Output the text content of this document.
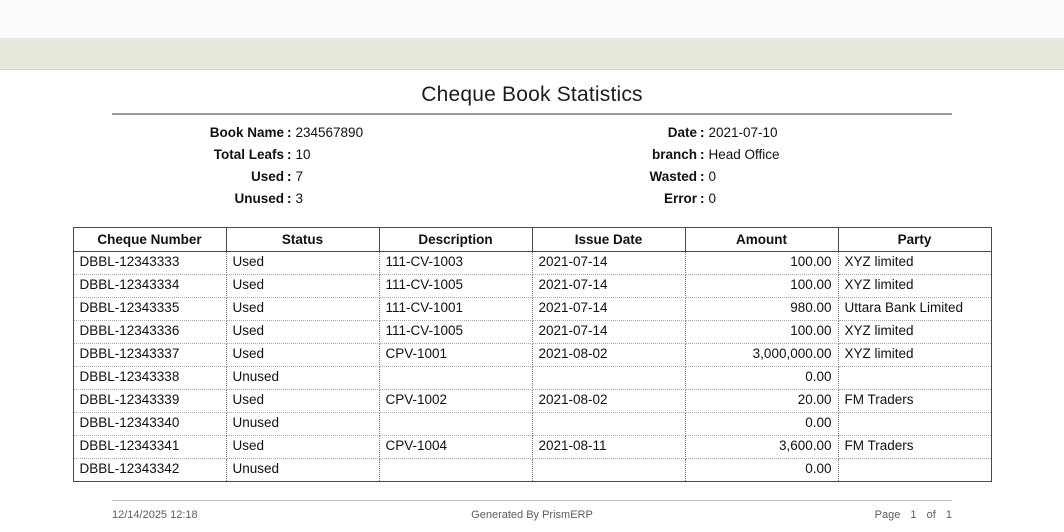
Cheque Book Statistics
Book Name : 234567890
Total Leafs : 10
Used : 7
Unused : 3
Date : 2021-07-10
branch : Head Office
Wasted : 0
Error : 0
Cheque Number	Status	Description	Issue Date	Amount	Party
DBBL-12343333	Used	111-CV-1003	2021-07-14	100.00	XYZ limited
DBBL-12343334	Used	111-CV-1005	2021-07-14	100.00	XYZ limited
DBBL-12343335	Used	111-CV-1001	2021-07-14	980.00	Uttara Bank Limited
DBBL-12343336	Used	111-CV-1005	2021-07-14	100.00	XYZ limited
DBBL-12343337	Used	CPV-1001	2021-08-02	3,000,000.00	XYZ limited
DBBL-12343338	Unused			0.00	
DBBL-12343339	Used	CPV-1002	2021-08-02	20.00	FM Traders
DBBL-12343340	Unused			0.00	
DBBL-12343341	Used	CPV-1004	2021-08-11	3,600.00	FM Traders
DBBL-12343342	Unused			0.00	
12/14/2025 12:18	Generated By PrismERP	Page 1 of 1
